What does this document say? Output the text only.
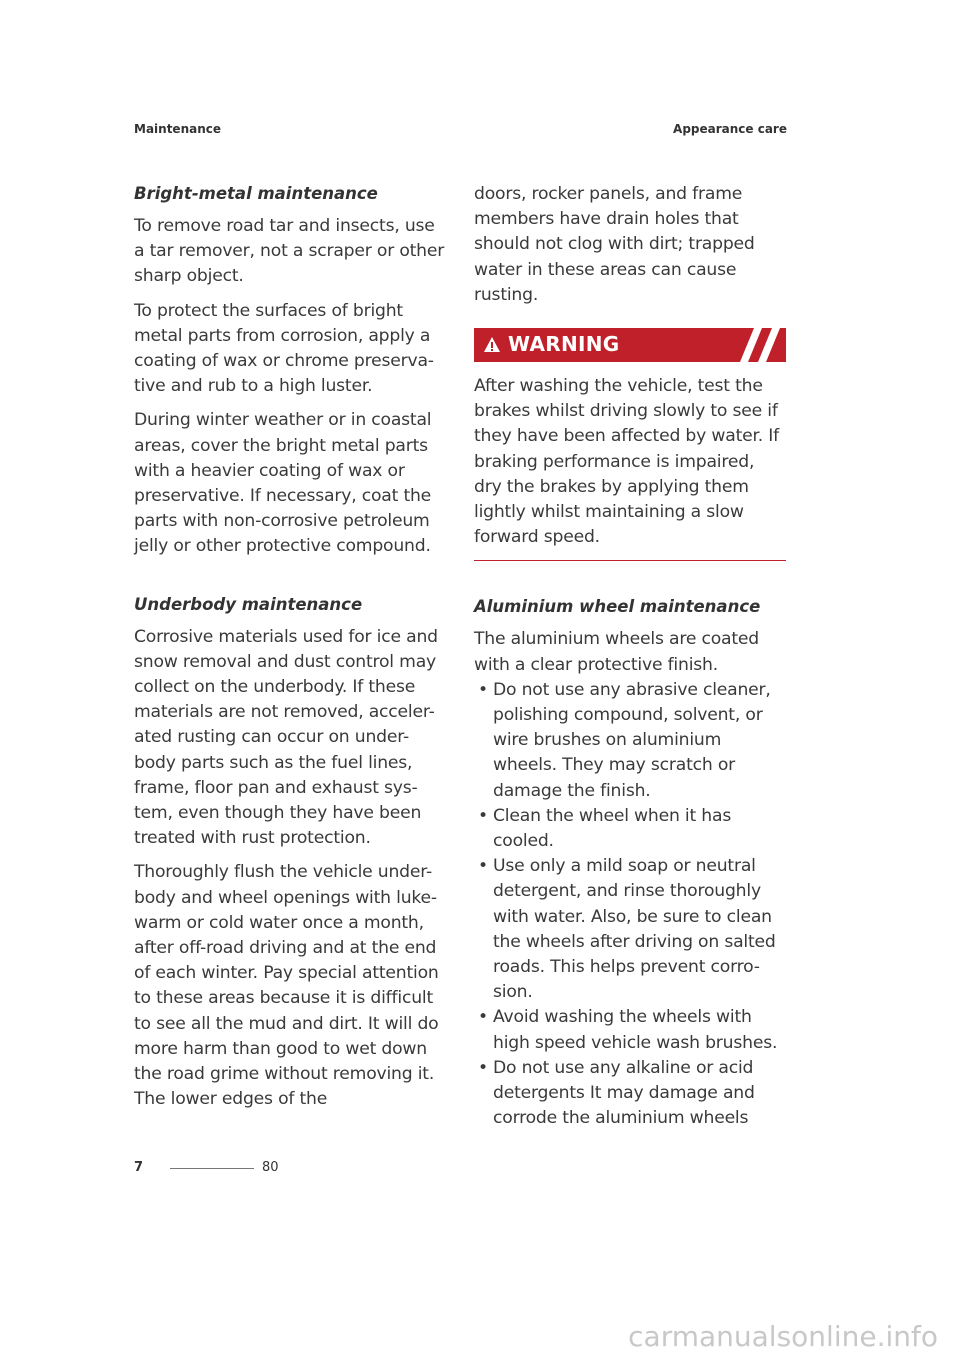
Maintenance	Appearance care
Bright-metal maintenance

To remove road tar and insects, use a tar remover, not a scraper or other sharp object.

To protect the surfaces of bright metal parts from corrosion, apply a coating of wax or chrome preserva-tive and rub to a high luster.

During winter weather or in coastal areas, cover the bright metal parts with a heavier coating of wax or preservative. If necessary, coat the parts with non-corrosive petroleum jelly or other protective compound.

Underbody maintenance

Corrosive materials used for ice and snow removal and dust control may collect on the underbody. If these materials are not removed, acceler-ated rusting can occur on under-body parts such as the fuel lines, frame, floor pan and exhaust sys-tem, even though they have been treated with rust protection.

Thoroughly flush the vehicle under-body and wheel openings with luke-warm or cold water once a month, after off-road driving and at the end of each winter. Pay special attention to these areas because it is difficult to see all the mud and dirt. It will do more harm than good to wet down the road grime without removing it. The lower edges of the

doors, rocker panels, and frame members have drain holes that should not clog with dirt; trapped water in these areas can cause rusting.

WARNING

After washing the vehicle, test the brakes whilst driving slowly to see if they have been affected by water. If braking performance is impaired, dry the brakes by applying them lightly whilst maintaining a slow forward speed.

Aluminium wheel maintenance

The aluminium wheels are coated with a clear protective finish.

• Do not use any abrasive cleaner, polishing compound, solvent, or wire brushes on aluminium wheels. They may scratch or damage the finish.
• Clean the wheel when it has cooled.
• Use only a mild soap or neutral detergent, and rinse thoroughly with water. Also, be sure to clean the wheels after driving on salted roads. This helps prevent corro-sion.
• Avoid washing the wheels with high speed vehicle wash brushes.
• Do not use any alkaline or acid detergents It may damage and corrode the aluminium wheels
7	80
carmanualsonline.info
